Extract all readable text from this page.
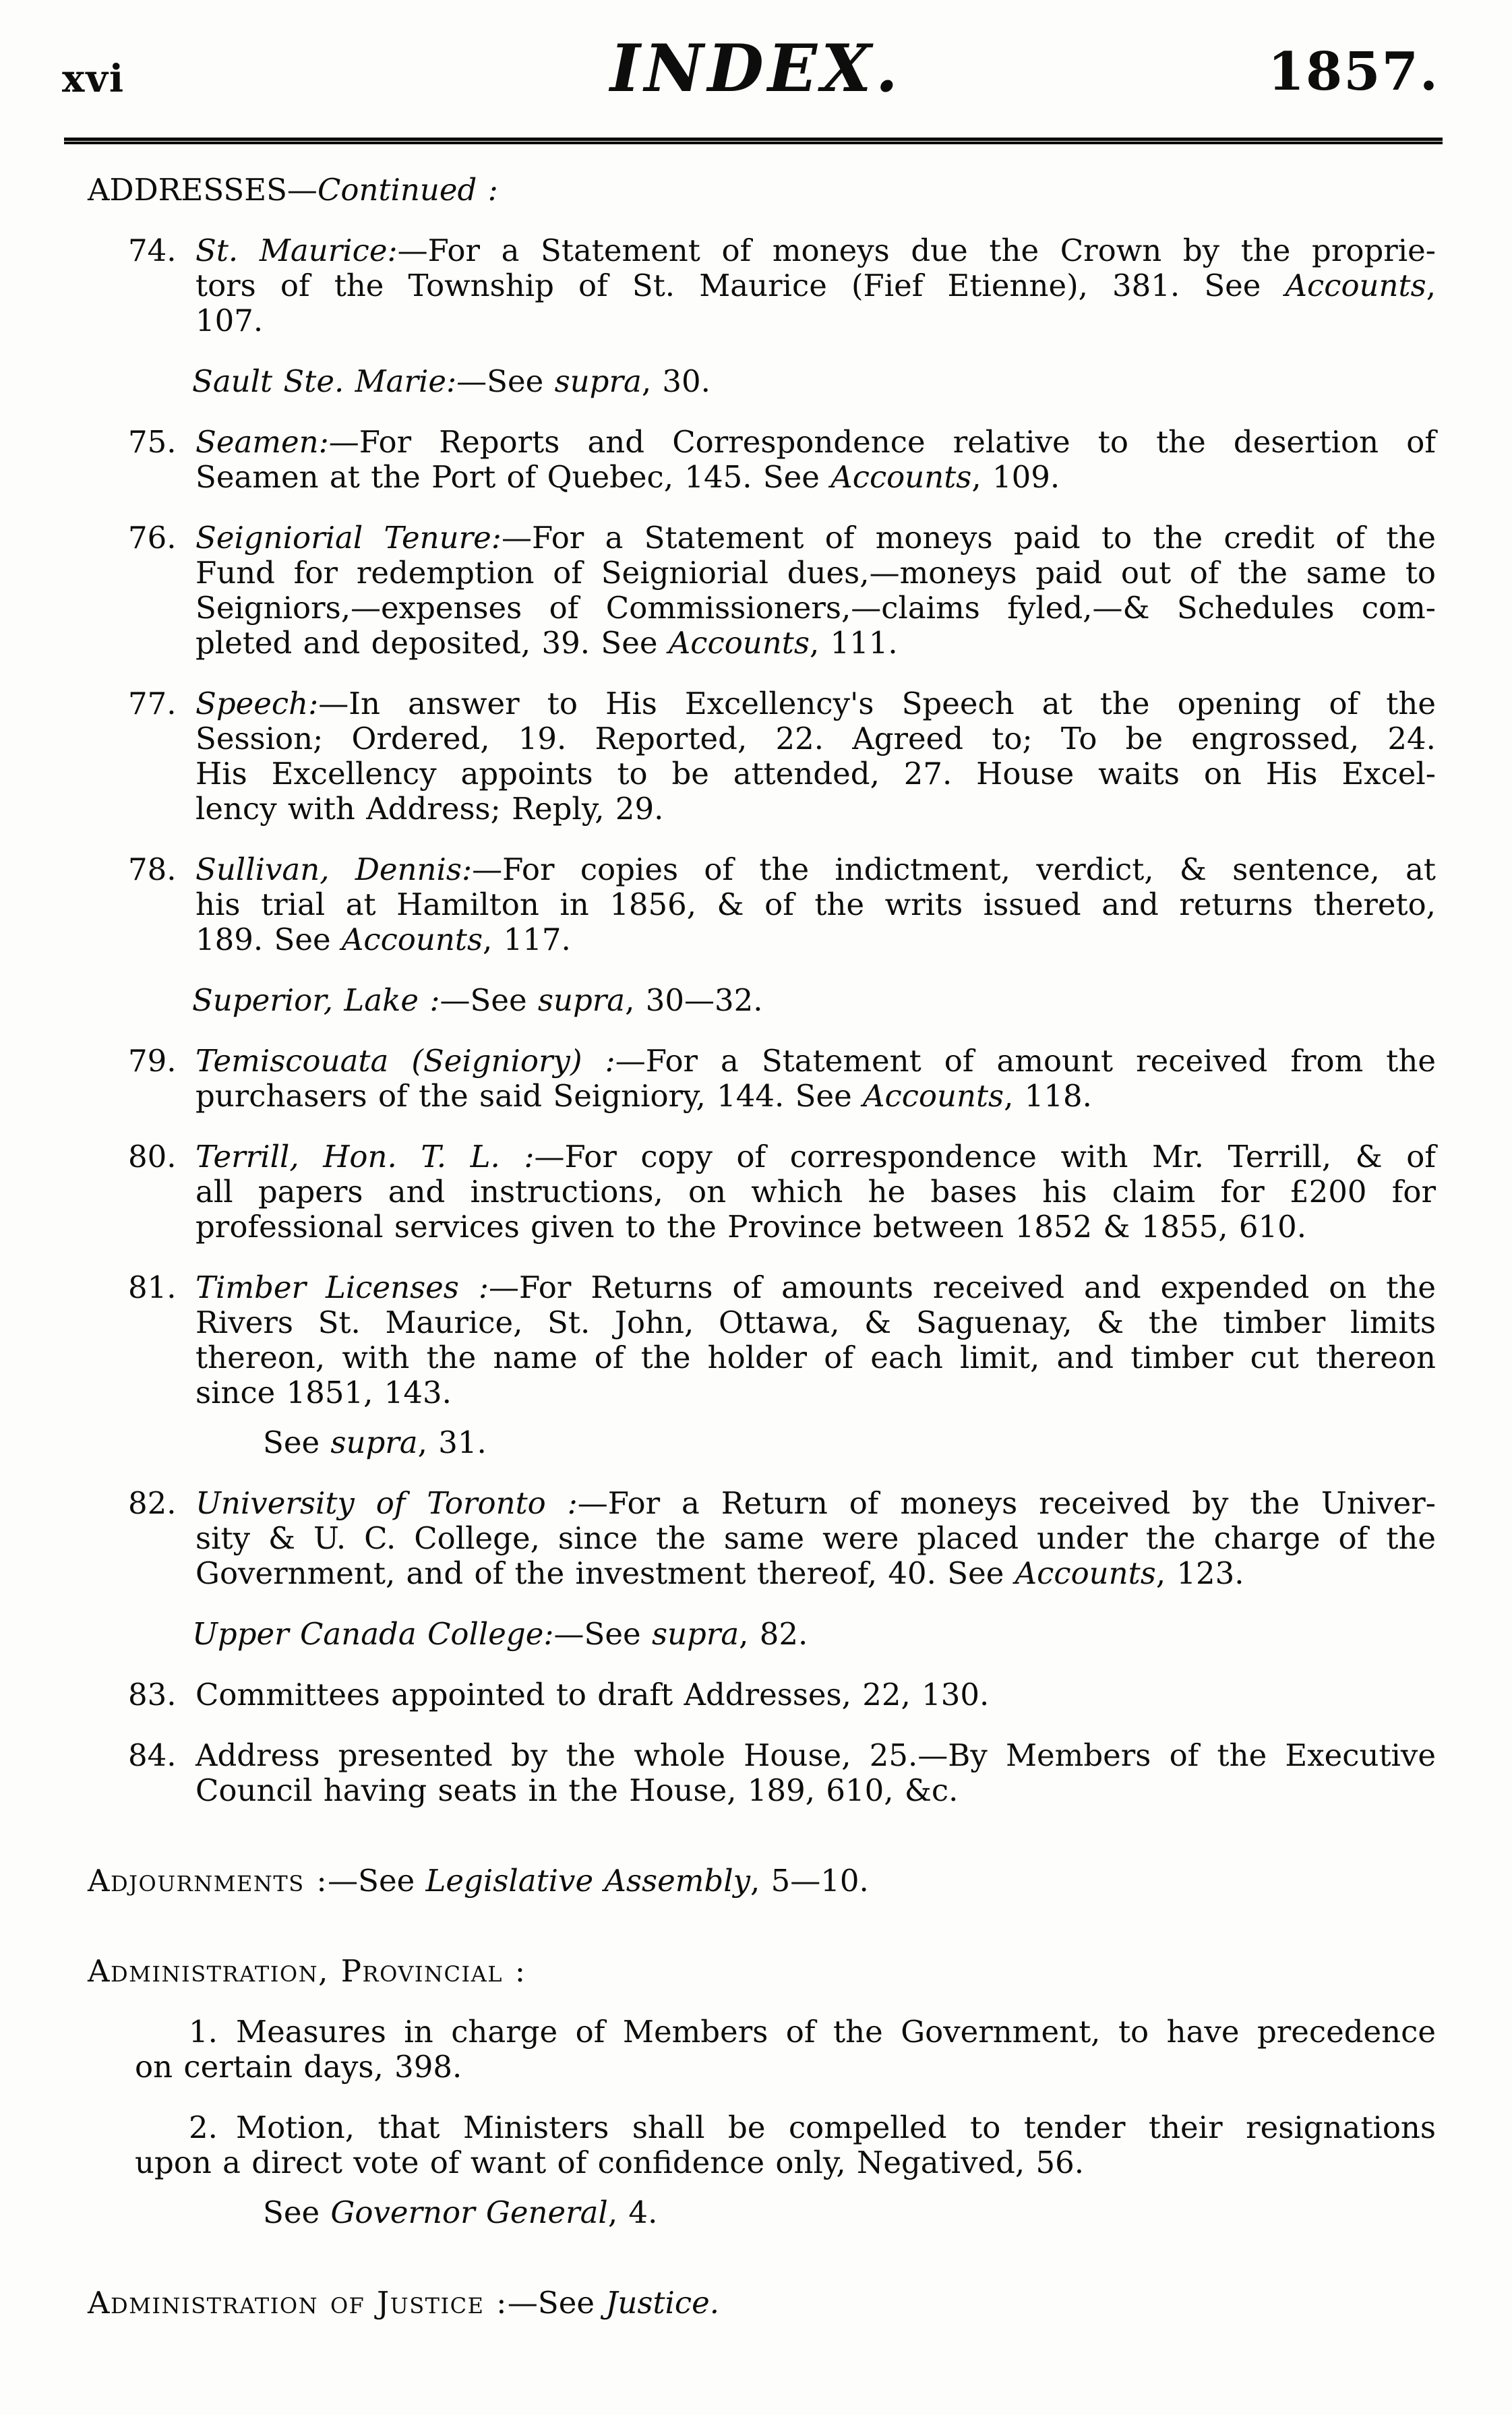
xvi	INDEX.	1857.
ADDRESSES—Continued :
74. St. Maurice:—For a Statement of moneys due the Crown by the proprie-
tors of the Township of St. Maurice (Fief Etienne), 381. See Accounts,
107.
Sault Ste. Marie:—See supra, 30.
75. Seamen:—For Reports and Correspondence relative to the desertion of
Seamen at the Port of Quebec, 145. See Accounts, 109.
76. Seigniorial Tenure:—For a Statement of moneys paid to the credit of the
Fund for redemption of Seigniorial dues,—moneys paid out of the same to
Seigniors,—expenses of Commissioners,—claims fyled,—& Schedules com-
pleted and deposited, 39. See Accounts, 111.
77. Speech:—In answer to His Excellency's Speech at the opening of the
Session; Ordered, 19. Reported, 22. Agreed to; To be engrossed, 24.
His Excellency appoints to be attended, 27. House waits on His Excel-
lency with Address; Reply, 29.
78. Sullivan, Dennis:—For copies of the indictment, verdict, & sentence, at
his trial at Hamilton in 1856, & of the writs issued and returns thereto,
189. See Accounts, 117.
Superior, Lake :—See supra, 30—32.
79. Temiscouata (Seigniory) :—For a Statement of amount received from the
purchasers of the said Seigniory, 144. See Accounts, 118.
80. Terrill, Hon. T. L. :—For copy of correspondence with Mr. Terrill, & of
all papers and instructions, on which he bases his claim for £200 for
professional services given to the Province between 1852 & 1855, 610.
81. Timber Licenses :—For Returns of amounts received and expended on the
Rivers St. Maurice, St. John, Ottawa, & Saguenay, & the timber limits
thereon, with the name of the holder of each limit, and timber cut thereon
since 1851, 143.
See supra, 31.
82. University of Toronto :—For a Return of moneys received by the Univer-
sity & U. C. College, since the same were placed under the charge of the
Government, and of the investment thereof, 40. See Accounts, 123.
Upper Canada College:—See supra, 82.
83. Committees appointed to draft Addresses, 22, 130.
84. Address presented by the whole House, 25.—By Members of the Executive
Council having seats in the House, 189, 610, &c.
Adjournments :—See Legislative Assembly, 5—10.
Administration, Provincial :
1. Measures in charge of Members of the Government, to have precedence
on certain days, 398.
2. Motion, that Ministers shall be compelled to tender their resignations
upon a direct vote of want of confidence only, Negatived, 56.
See Governor General, 4.
Administration of Justice :—See Justice.
